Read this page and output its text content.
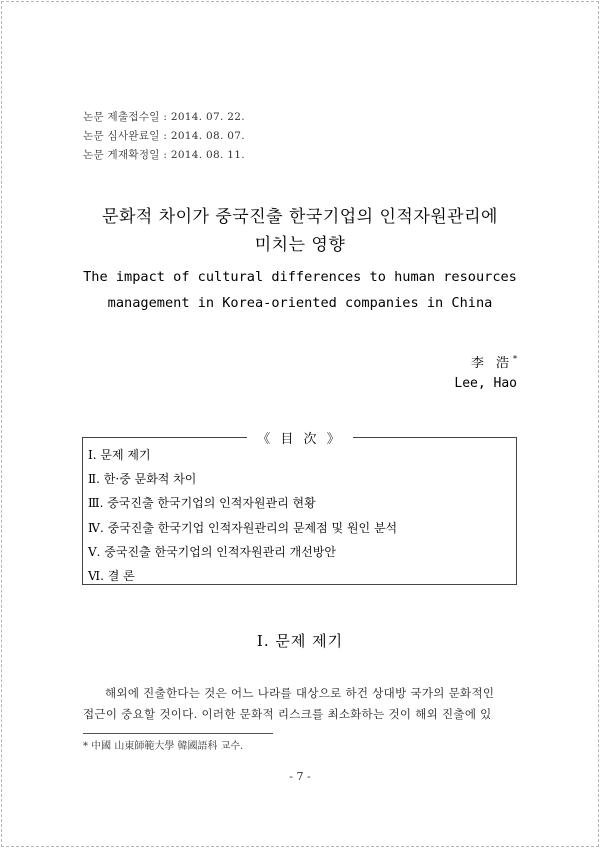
논문 제출접수일 : 2014. 07. 22.
논문 심사완료일 : 2014. 08. 07.
논문 게재확정일 : 2014. 08. 11.
문화적 차이가 중국진출 한국기업의 인적자원관리에
미치는 영향
The impact of cultural differences to human resources
management in Korea-oriented companies in China
李 浩*
Lee, Hao
《 目 次 》
Ⅰ. 문제 제기
Ⅱ. 한·중 문화적 차이
Ⅲ. 중국진출 한국기업의 인적자원관리 현황
Ⅳ. 중국진출 한국기업 인적자원관리의 문제점 및 원인 분석
Ⅴ. 중국진출 한국기업의 인적자원관리 개선방안
Ⅵ. 결 론
Ⅰ. 문제 제기
해외에 진출한다는 것은 어느 나라를 대상으로 하건 상대방 국가의 문화적인
접근이 중요할 것이다. 이러한 문화적 리스크를 최소화하는 것이 해외 진출에 있
* 中國 山東師範大學 韓國語科 교수.
- 7 -
